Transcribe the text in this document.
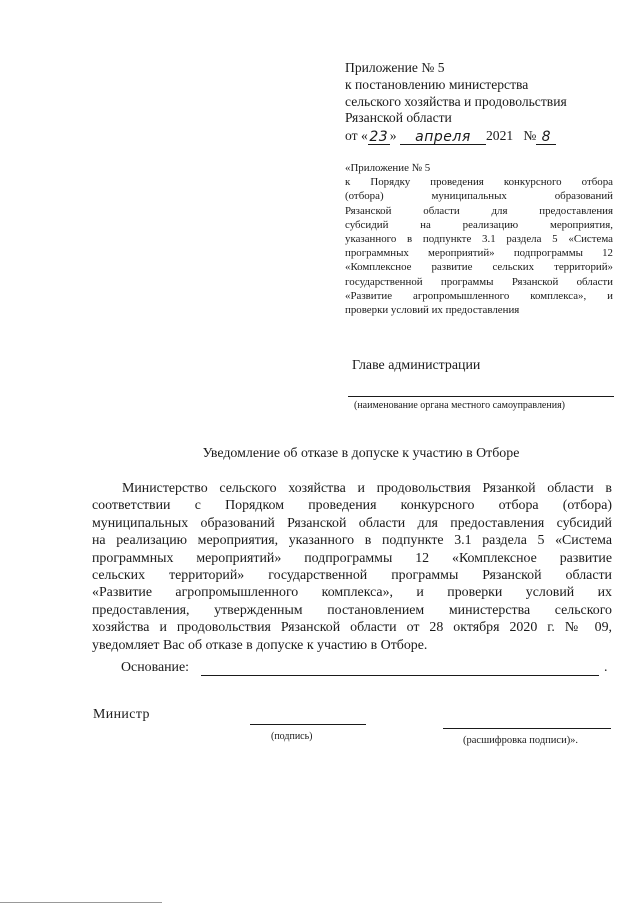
Приложение № 5
к постановлению министерства
сельского хозяйства и продовольствия
Рязанской области
от « 23 » апреля 2021 № 8
«Приложение № 5
к Порядку проведения конкурсного отбора
(отбора) муниципальных образований
Рязанской области для предоставления
субсидий на реализацию мероприятия,
указанного в подпункте 3.1 раздела 5 «Система
программных мероприятий» подпрограммы 12
«Комплексное развитие сельских территорий»
государственной программы Рязанской области
«Развитие агропромышленного комплекса», и
проверки условий их предоставления
Главе администрации
(наименование органа местного самоуправления)
Уведомление об отказе в допуске к участию в Отборе
Министерство сельского хозяйства и продовольствия Рязанкой области в
соответствии с Порядком проведения конкурсного отбора (отбора)
муниципальных образований Рязанской области для предоставления субсидий
на реализацию мероприятия, указанного в подпункте 3.1 раздела 5 «Система
программных мероприятий» подпрограммы 12 «Комплексное развитие
сельских территорий» государственной программы Рязанской области
«Развитие агропромышленного комплекса», и проверки условий их
предоставления, утвержденным постановлением министерства сельского
хозяйства и продовольствия Рязанской области от 28 октября 2020 г. № 09,
уведомляет Вас об отказе в допуске к участию в Отборе.
Основание:	.
Министр
(подпись)	(расшифровка подписи)».
